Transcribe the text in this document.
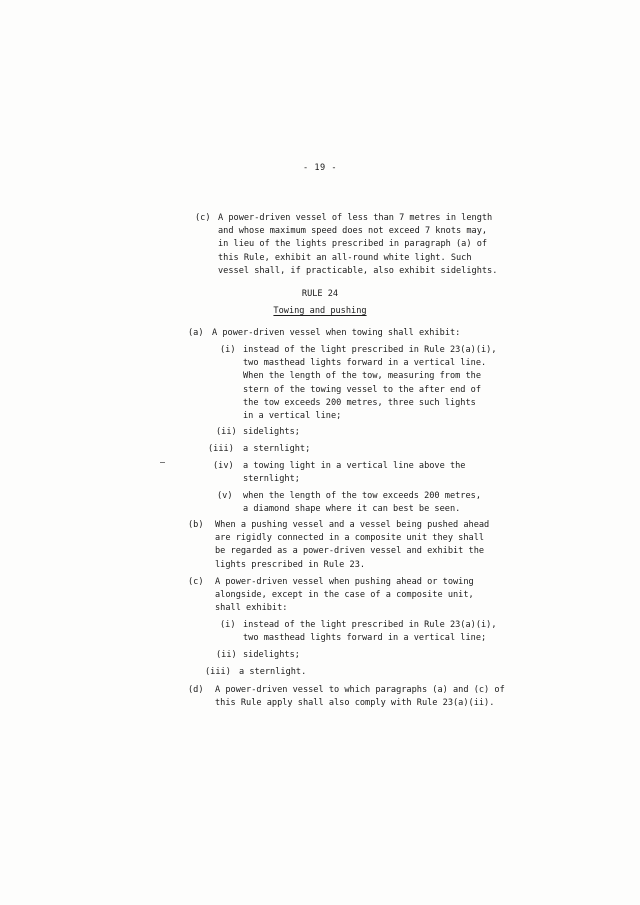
- 19 -
(c) A power-driven vessel of less than 7 metres in length
and whose maximum speed does not exceed 7 knots may,
in lieu of the lights prescribed in paragraph (a) of
this Rule, exhibit an all-round white light. Such
vessel shall, if practicable, also exhibit sidelights.
RULE 24
Towing and pushing
(a) A power-driven vessel when towing shall exhibit:
(i) instead of the light prescribed in Rule 23(a)(i),
two masthead lights forward in a vertical line.
When the length of the tow, measuring from the
stern of the towing vessel to the after end of
the tow exceeds 200 metres, three such lights
in a vertical line;
(ii) sidelights;
(iii) a sternlight;
(iv) a towing light in a vertical line above the
sternlight;
(v) when the length of the tow exceeds 200 metres,
a diamond shape where it can best be seen.
(b) When a pushing vessel and a vessel being pushed ahead
are rigidly connected in a composite unit they shall
be regarded as a power-driven vessel and exhibit the
lights prescribed in Rule 23.
(c) A power-driven vessel when pushing ahead or towing
alongside, except in the case of a composite unit,
shall exhibit:
(i) instead of the light prescribed in Rule 23(a)(i),
two masthead lights forward in a vertical line;
(ii) sidelights;
(iii) a sternlight.
(d) A power-driven vessel to which paragraphs (a) and (c) of
this Rule apply shall also comply with Rule 23(a)(ii).
